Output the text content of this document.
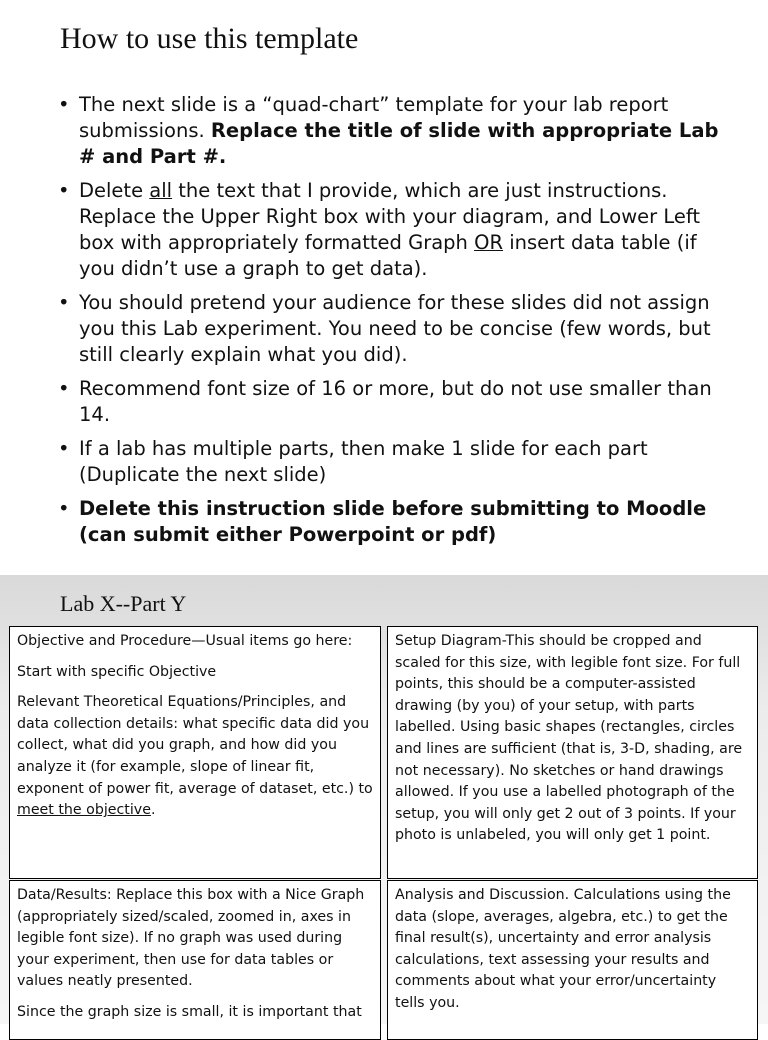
How to use this template
• The next slide is a “quad-chart” template for your lab report submissions. Replace the title of slide with appropriate Lab # and Part #.
• Delete all the text that I provide, which are just instructions. Replace the Upper Right box with your diagram, and Lower Left box with appropriately formatted Graph OR insert data table (if you didn’t use a graph to get data).
• You should pretend your audience for these slides did not assign you this Lab experiment. You need to be concise (few words, but still clearly explain what you did).
• Recommend font size of 16 or more, but do not use smaller than 14.
• If a lab has multiple parts, then make 1 slide for each part (Duplicate the next slide)
• Delete this instruction slide before submitting to Moodle (can submit either Powerpoint or pdf)
Lab X--Part Y

Objective and Procedure—Usual items go here:

Start with specific Objective

Relevant Theoretical Equations/Principles, and data collection details: what specific data did you collect, what did you graph, and how did you analyze it (for example, slope of linear fit, exponent of power fit, average of dataset, etc.) to meet the objective.

Setup Diagram-This should be cropped and scaled for this size, with legible font size. For full points, this should be a computer-assisted drawing (by you) of your setup, with parts labelled. Using basic shapes (rectangles, circles and lines are sufficient (that is, 3-D, shading, are not necessary). No sketches or hand drawings allowed. If you use a labelled photograph of the setup, you will only get 2 out of 3 points. If your photo is unlabeled, you will only get 1 point.

Data/Results: Replace this box with a Nice Graph (appropriately sized/scaled, zoomed in, axes in legible font size). If no graph was used during your experiment, then use for data tables or values neatly presented.

Since the graph size is small, it is important that

Analysis and Discussion. Calculations using the data (slope, averages, algebra, etc.) to get the final result(s), uncertainty and error analysis calculations, text assessing your results and comments about what your error/uncertainty tells you.
